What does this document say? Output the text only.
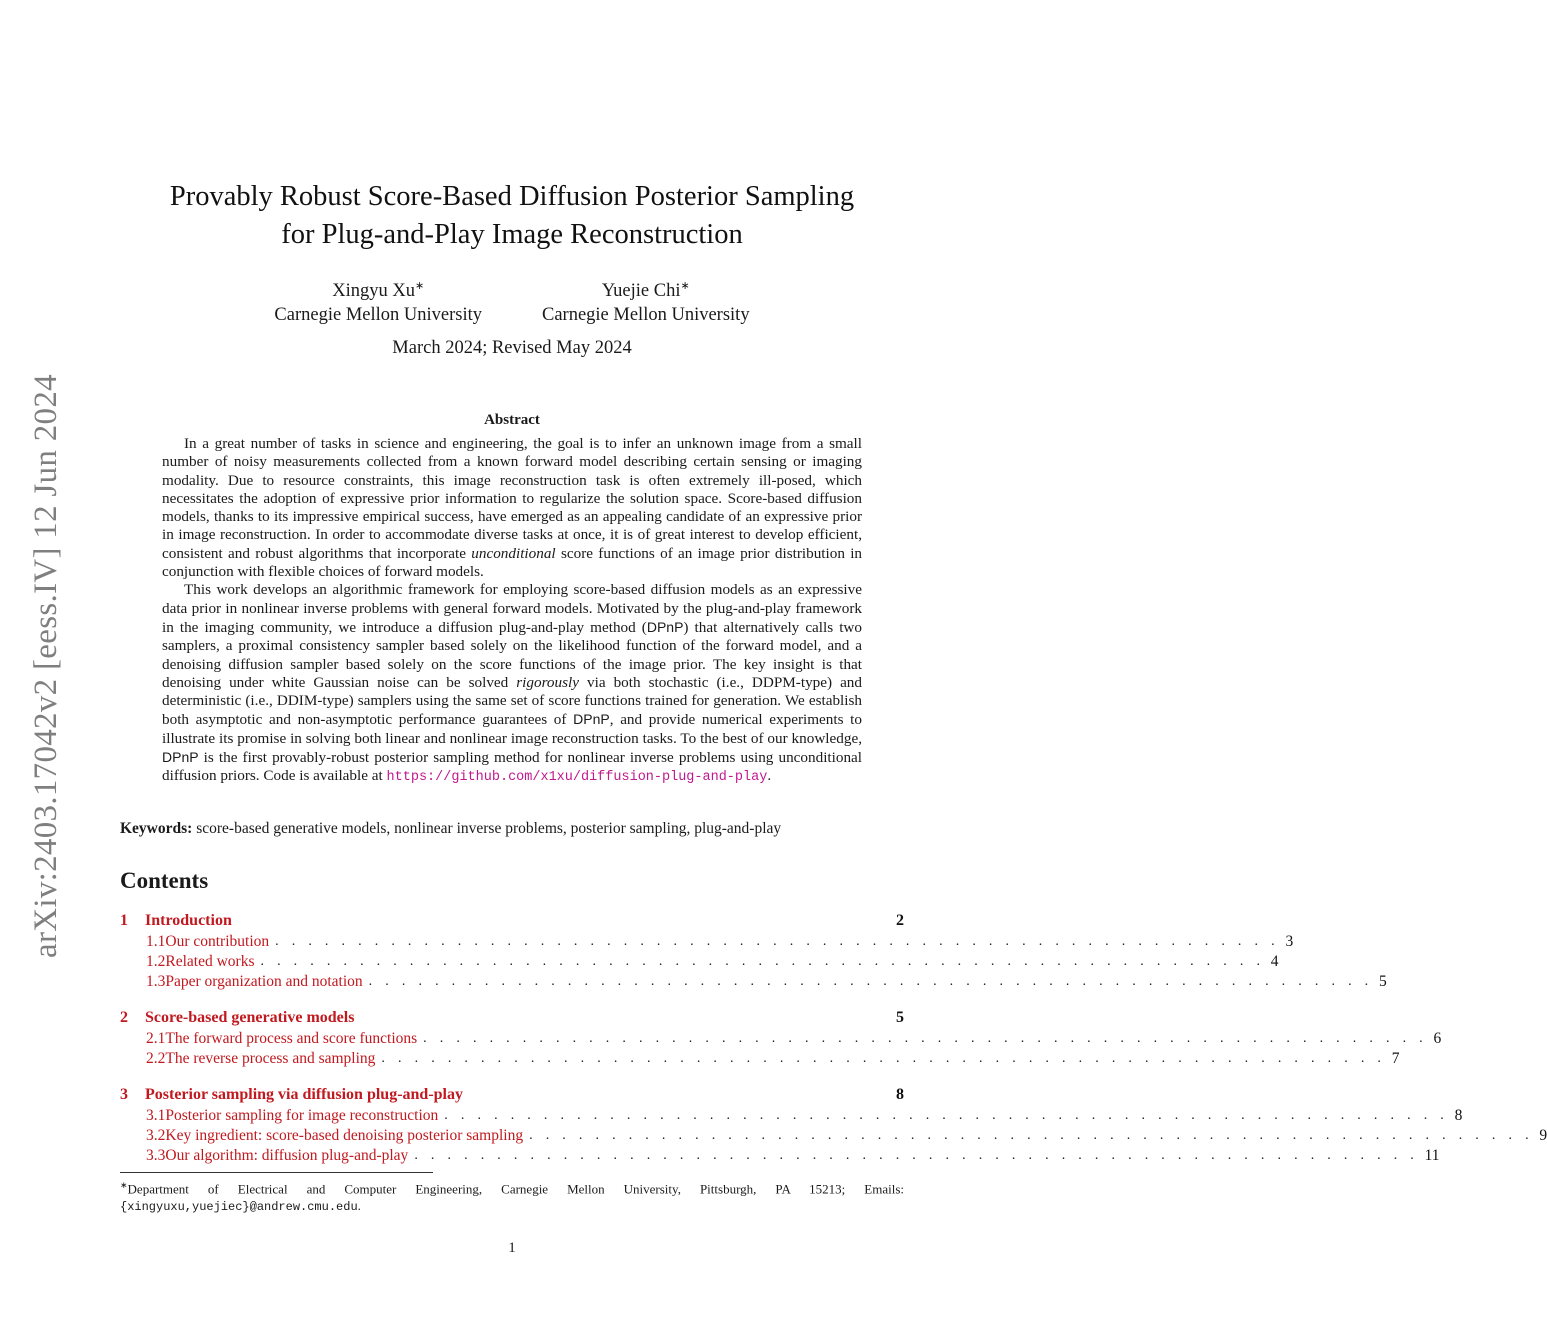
arXiv:2403.17042v2 [eess.IV] 12 Jun 2024
Provably Robust Score-Based Diffusion Posterior Sampling
for Plug-and-Play Image Reconstruction
Xingyu Xu∗
Carnegie Mellon University
Yuejie Chi∗
Carnegie Mellon University
March 2024; Revised May 2024
Abstract

In a great number of tasks in science and engineering, the goal is to infer an unknown image from a small number of noisy measurements collected from a known forward model describing certain sensing or imaging modality. Due to resource constraints, this image reconstruction task is often extremely ill-posed, which necessitates the adoption of expressive prior information to regularize the solution space. Score-based diffusion models, thanks to its impressive empirical success, have emerged as an appealing candidate of an expressive prior in image reconstruction. In order to accommodate diverse tasks at once, it is of great interest to develop efficient, consistent and robust algorithms that incorporate unconditional score functions of an image prior distribution in conjunction with flexible choices of forward models.

This work develops an algorithmic framework for employing score-based diffusion models as an expressive data prior in nonlinear inverse problems with general forward models. Motivated by the plug-and-play framework in the imaging community, we introduce a diffusion plug-and-play method (DPnP) that alternatively calls two samplers, a proximal consistency sampler based solely on the likelihood function of the forward model, and a denoising diffusion sampler based solely on the score functions of the image prior. The key insight is that denoising under white Gaussian noise can be solved rigorously via both stochastic (i.e., DDPM-type) and deterministic (i.e., DDIM-type) samplers using the same set of score functions trained for generation. We establish both asymptotic and non-asymptotic performance guarantees of DPnP, and provide numerical experiments to illustrate its promise in solving both linear and nonlinear image reconstruction tasks. To the best of our knowledge, DPnP is the first provably-robust posterior sampling method for nonlinear inverse problems using unconditional diffusion priors. Code is available at https://github.com/x1xu/diffusion-plug-and-play.

Keywords: score-based generative models, nonlinear inverse problems, posterior sampling, plug-and-play
Contents
1	Introduction	2
1.1 Our contribution . . . . . . . . . . . . . . . . . . . . . . . . . . . . . . . . . . . . . . . . . . . . . . . . . . . . . . . . . . . . . 3
1.2 Related works . . . . . . . . . . . . . . . . . . . . . . . . . . . . . . . . . . . . . . . . . . . . . . . . . . . . . . . . . . . . . 4
1.3 Paper organization and notation . . . . . . . . . . . . . . . . . . . . . . . . . . . . . . . . . . . . . . . . . . . . . . . . . . . . . . . . . . . . . 5
2	Score-based generative models	5
2.1 The forward process and score functions . . . . . . . . . . . . . . . . . . . . . . . . . . . . . . . . . . . . . . . . . . . . . . . . . . . . . . . . . . . . . 6
2.2 The reverse process and sampling . . . . . . . . . . . . . . . . . . . . . . . . . . . . . . . . . . . . . . . . . . . . . . . . . . . . . . . . . . . . . 7
3	Posterior sampling via diffusion plug-and-play	8
3.1 Posterior sampling for image reconstruction . . . . . . . . . . . . . . . . . . . . . . . . . . . . . . . . . . . . . . . . . . . . . . . . . . . . . . . . . . . . . 8
3.2 Key ingredient: score-based denoising posterior sampling . . . . . . . . . . . . . . . . . . . . . . . . . . . . . . . . . . . . . . . . . . . . . . . . . . . . . . . . . . . . . 9
3.3 Our algorithm: diffusion plug-and-play . . . . . . . . . . . . . . . . . . . . . . . . . . . . . . . . . . . . . . . . . . . . . . . . . . . . . . . . . . . . . 11
∗Department of Electrical and Computer Engineering, Carnegie Mellon University, Pittsburgh, PA 15213; Emails: {xingyuxu,yuejiec}@andrew.cmu.edu.
1
